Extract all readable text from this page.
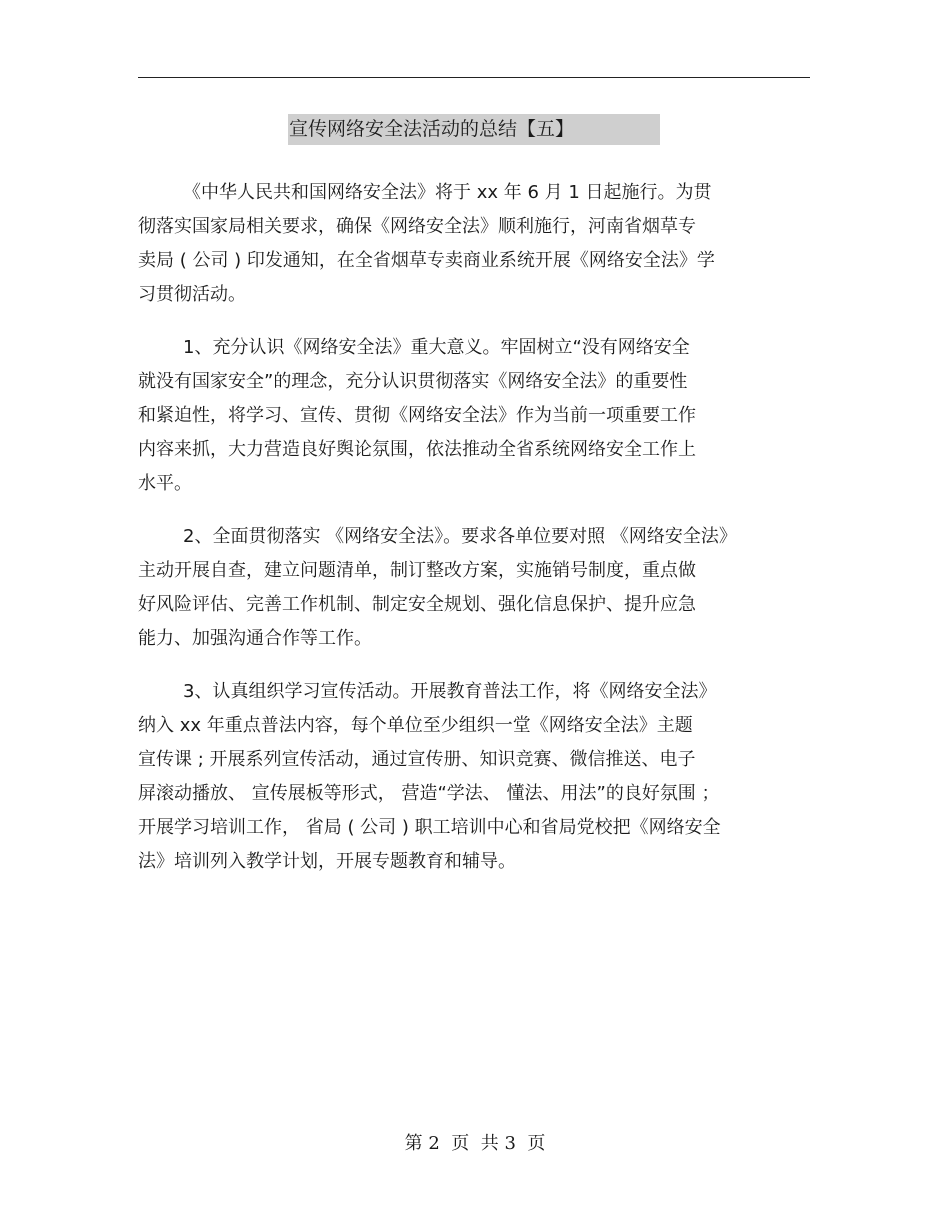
宣传网络安全法活动的总结【五】
《中华人民共和国网络安全法》将于 xx 年 6 月 1 日起施行。为贯
彻落实国家局相关要求，确保《网络安全法》顺利施行，河南省烟草专
卖局 ( 公司 ) 印发通知，在全省烟草专卖商业系统开展《网络安全法》学
习贯彻活动。
1、充分认识《网络安全法》重大意义。牢固树立“没有网络安全
就没有国家安全”的理念，充分认识贯彻落实《网络安全法》的重要性
和紧迫性，将学习、宣传、贯彻《网络安全法》作为当前一项重要工作
内容来抓，大力营造良好舆论氛围，依法推动全省系统网络安全工作上
水平。
2、全面贯彻落实 《网络安全法》。要求各单位要对照 《网络安全法》
主动开展自查，建立问题清单，制订整改方案，实施销号制度，重点做
好风险评估、完善工作机制、制定安全规划、强化信息保护、提升应急
能力、加强沟通合作等工作。
3、认真组织学习宣传活动。开展教育普法工作，将《网络安全法》
纳入 xx 年重点普法内容，每个单位至少组织一堂《网络安全法》主题
宣传课 ; 开展系列宣传活动，通过宣传册、知识竞赛、微信推送、电子
屏滚动播放、 宣传展板等形式， 营造“学法、 懂法、用法”的良好氛围 ；
开展学习培训工作， 省局 ( 公司 ) 职工培训中心和省局党校把《网络安全
法》培训列入教学计划，开展专题教育和辅导。
第 2  页  共 3  页
